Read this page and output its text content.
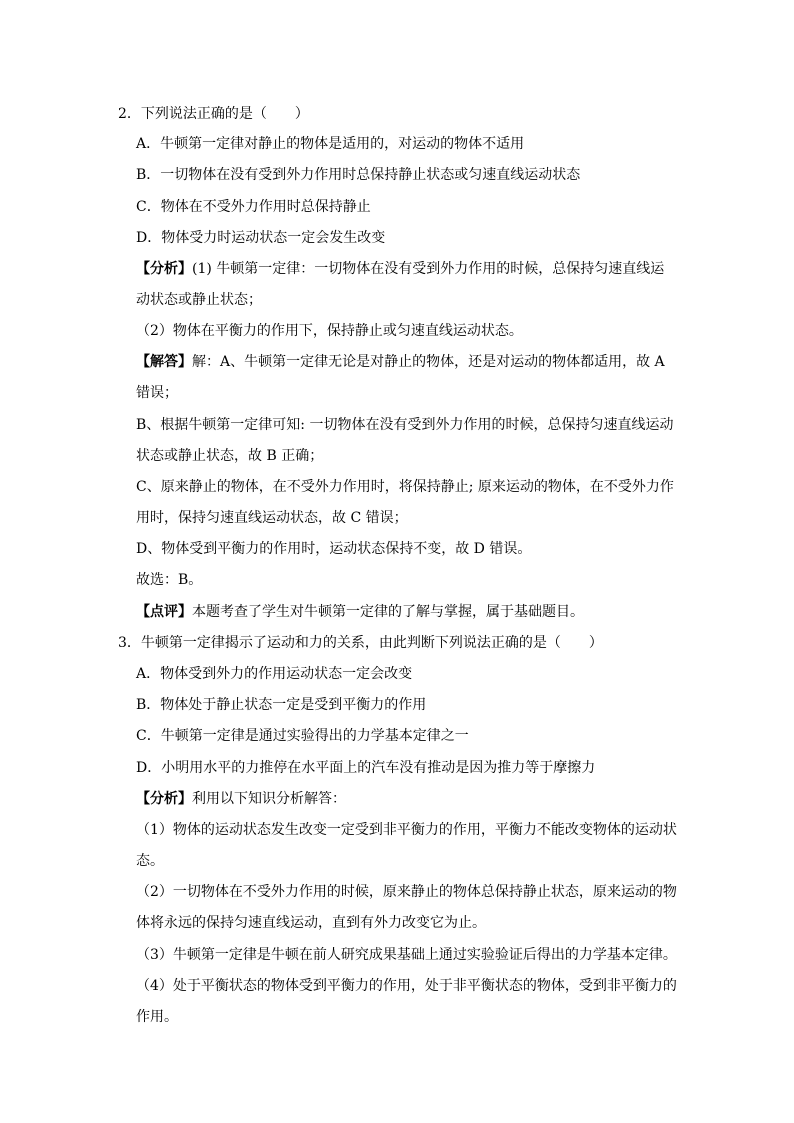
2．下列说法正确的是（　　）
A．牛顿第一定律对静止的物体是适用的，对运动的物体不适用
B．一切物体在没有受到外力作用时总保持静止状态或匀速直线运动状态
C．物体在不受外力作用时总保持静止
D．物体受力时运动状态一定会发生改变
【分析】(1) 牛顿第一定律：一切物体在没有受到外力作用的时候，总保持匀速直线运
动状态或静止状态；
（2）物体在平衡力的作用下，保持静止或匀速直线运动状态。
【解答】解：A、牛顿第一定律无论是对静止的物体，还是对运动的物体都适用，故 A
错误；
B、根据牛顿第一定律可知: 一切物体在没有受到外力作用的时候，总保持匀速直线运动
状态或静止状态，故 B 正确；
C、原来静止的物体，在不受外力作用时，将保持静止; 原来运动的物体，在不受外力作
用时，保持匀速直线运动状态，故 C 错误；
D、物体受到平衡力的作用时，运动状态保持不变，故 D 错误。
故选：B。
【点评】本题考查了学生对牛顿第一定律的了解与掌握，属于基础题目。
3．牛顿第一定律揭示了运动和力的关系，由此判断下列说法正确的是（　　）
A．物体受到外力的作用运动状态一定会改变
B．物体处于静止状态一定是受到平衡力的作用
C．牛顿第一定律是通过实验得出的力学基本定律之一
D．小明用水平的力推停在水平面上的汽车没有推动是因为推力等于摩擦力
【分析】利用以下知识分析解答：
（1）物体的运动状态发生改变一定受到非平衡力的作用，平衡力不能改变物体的运动状
态。
（2）一切物体在不受外力作用的时候，原来静止的物体总保持静止状态，原来运动的物
体将永远的保持匀速直线运动，直到有外力改变它为止。
（3）牛顿第一定律是牛顿在前人研究成果基础上通过实验验证后得出的力学基本定律。
（4）处于平衡状态的物体受到平衡力的作用，处于非平衡状态的物体，受到非平衡力的
作用。
